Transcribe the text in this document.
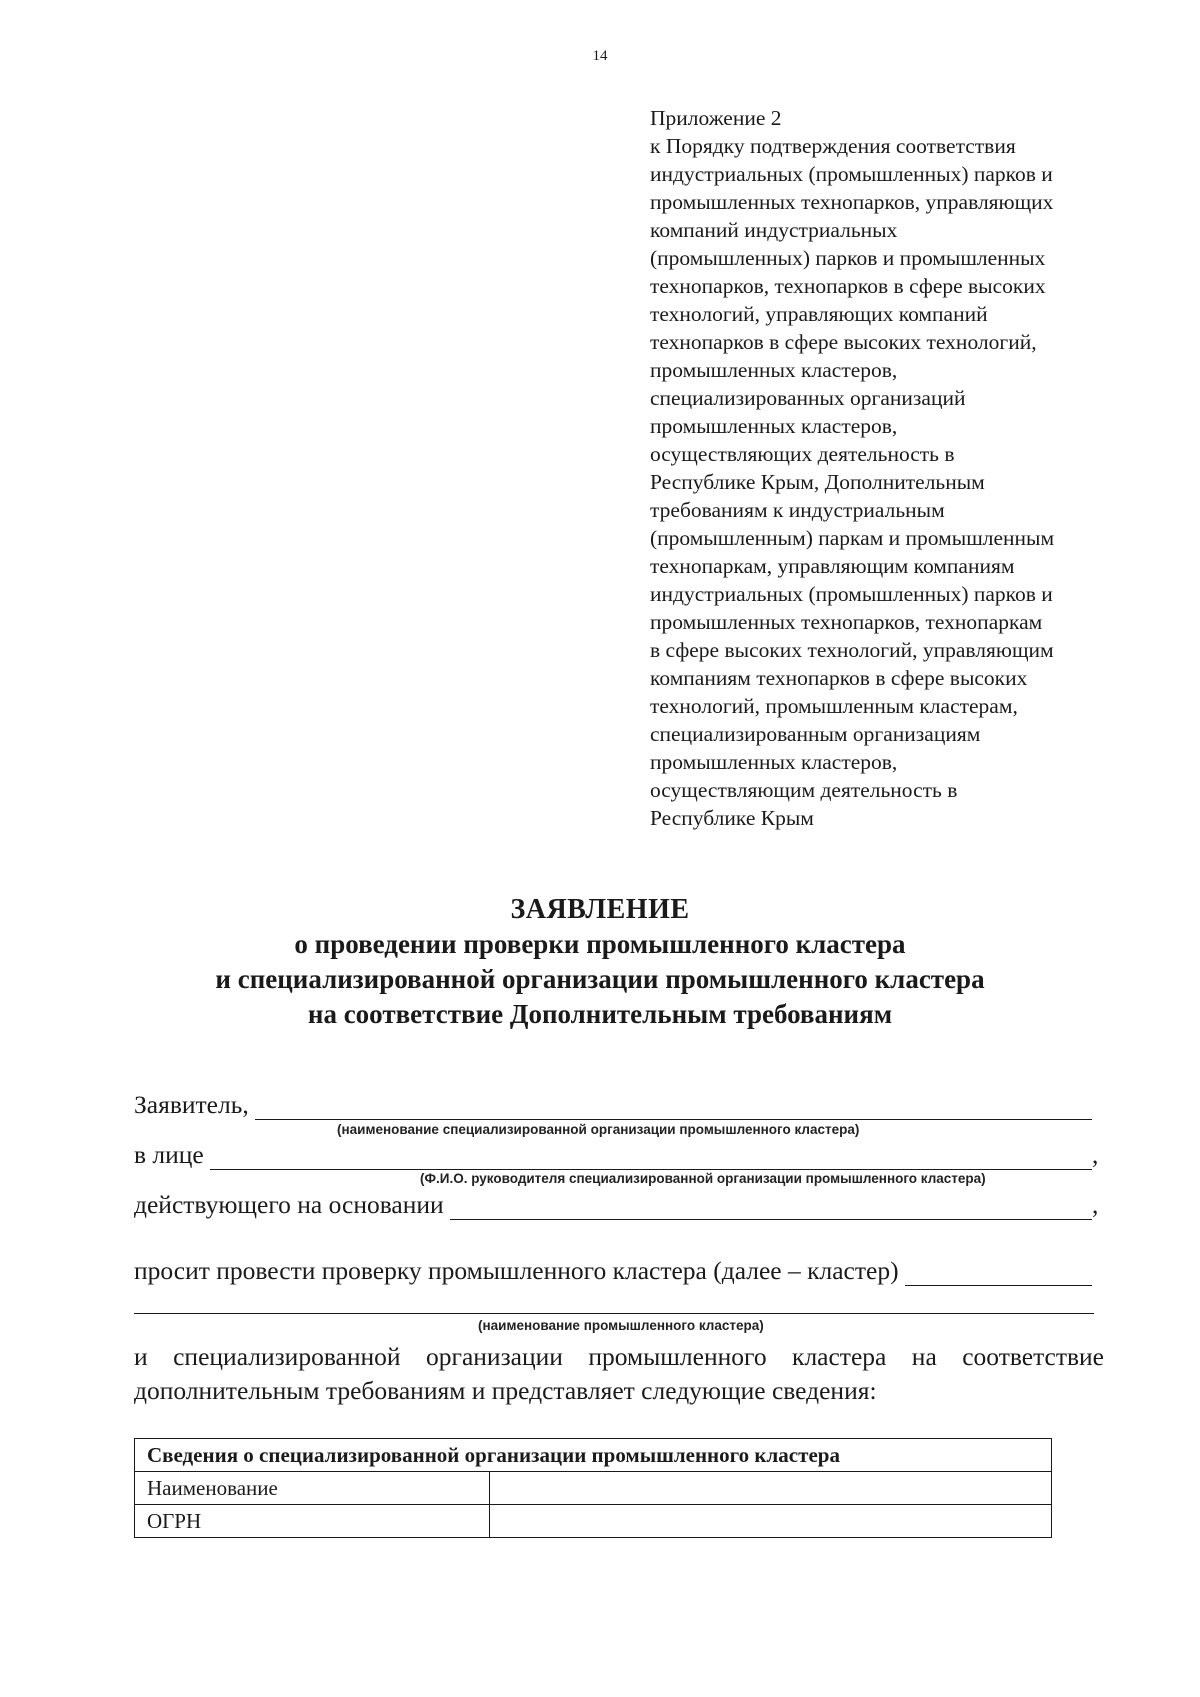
14
Приложение 2
к Порядку подтверждения соответствия
индустриальных (промышленных) парков и
промышленных технопарков, управляющих
компаний индустриальных
(промышленных) парков и промышленных
технопарков, технопарков в сфере высоких
технологий, управляющих компаний
технопарков в сфере высоких технологий,
промышленных кластеров,
специализированных организаций
промышленных кластеров,
осуществляющих деятельность в
Республике Крым, Дополнительным
требованиям к индустриальным
(промышленным) паркам и промышленным
технопаркам, управляющим компаниям
индустриальных (промышленных) парков и
промышленных технопарков, технопаркам
в сфере высоких технологий, управляющим
компаниям технопарков в сфере высоких
технологий, промышленным кластерам,
специализированным организациям
промышленных кластеров,
осуществляющим деятельность в
Республике Крым
ЗАЯВЛЕНИЕ
о проведении проверки промышленного кластера
и специализированной организации промышленного кластера
на соответствие Дополнительным требованиям
Заявитель,
(наименование специализированной организации промышленного кластера)
в лице	,
(Ф.И.О. руководителя специализированной организации промышленного кластера)
действующего на основании	,
просит провести проверку промышленного кластера (далее – кластер)
(наименование промышленного кластера)
и специализированной организации промышленного кластера на соответствие
дополнительным требованиям и представляет следующие сведения:
Сведения о специализированной организации промышленного кластера	
Наименование	
ОГРН	
